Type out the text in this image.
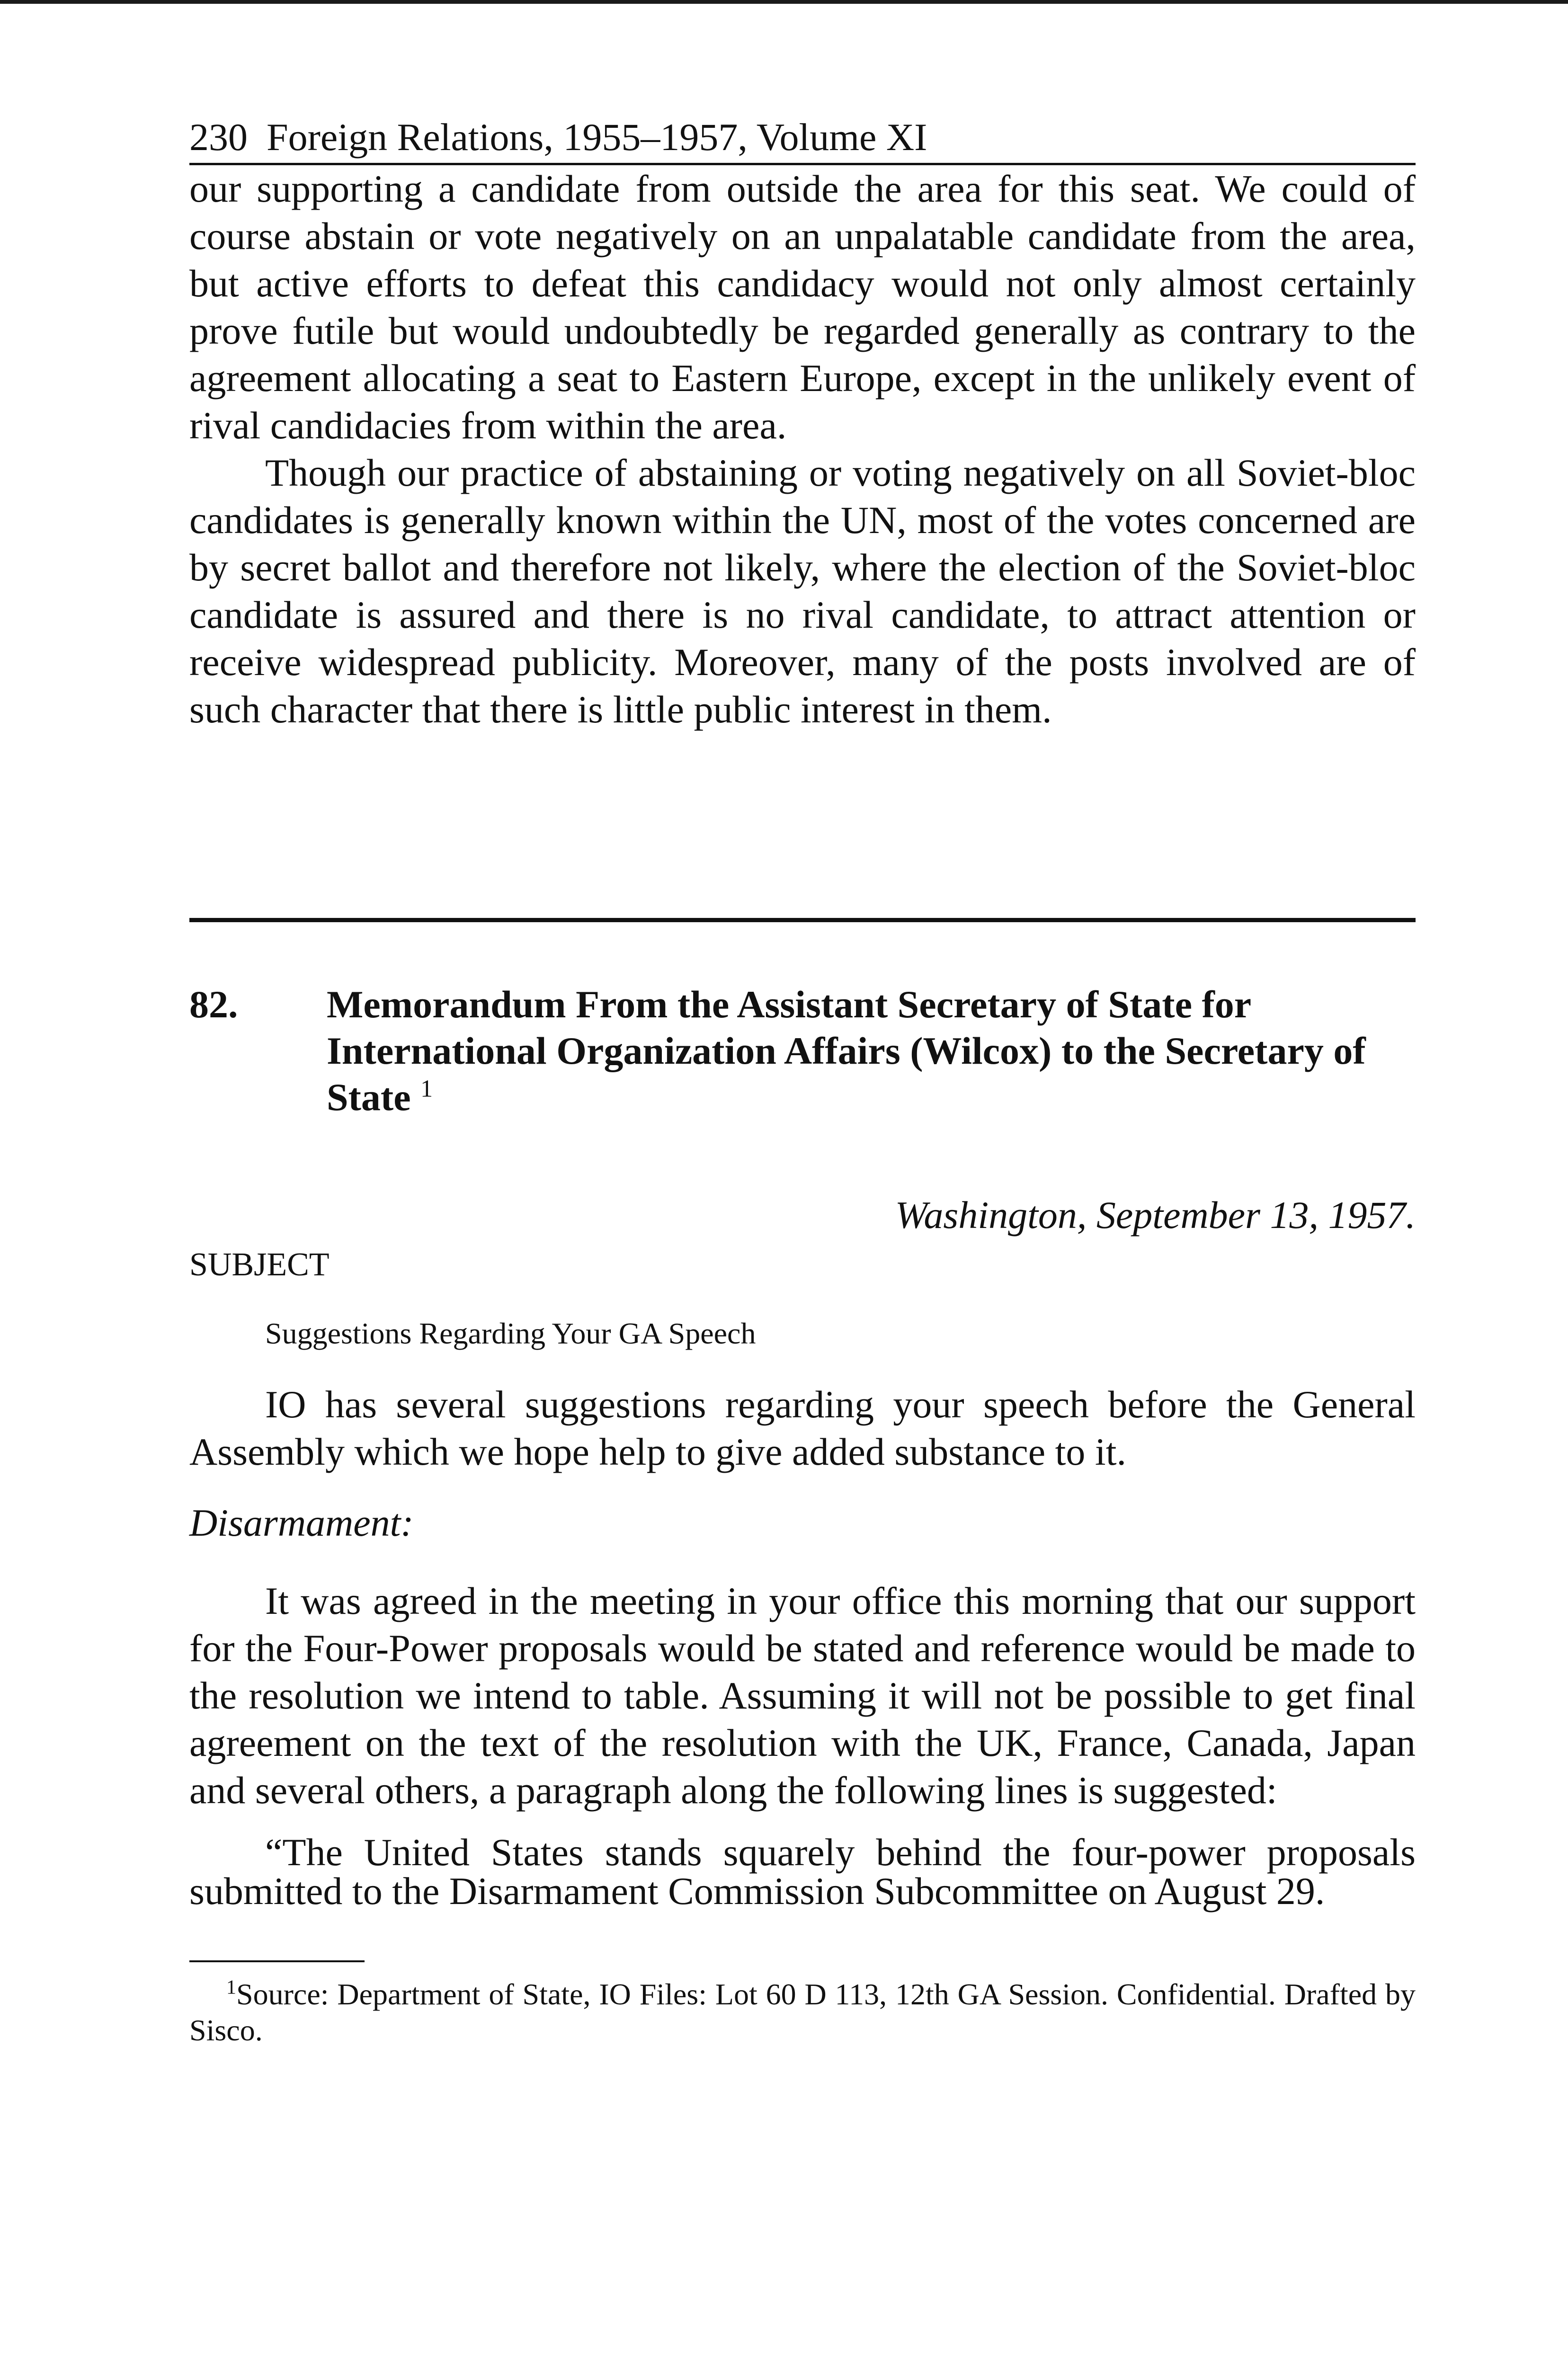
230 Foreign Relations, 1955–1957, Volume XI

our supporting a candidate from outside the area for this seat. We could of course abstain or vote negatively on an unpalatable candidate from the area, but active efforts to defeat this candidacy would not only almost certainly prove futile but would undoubtedly be regarded generally as contrary to the agreement allocating a seat to Eastern Europe, except in the unlikely event of rival candidacies from within the area.

Though our practice of abstaining or voting negatively on all Soviet-bloc candidates is generally known within the UN, most of the votes concerned are by secret ballot and therefore not likely, where the election of the Soviet-bloc candidate is assured and there is no rival candidate, to attract attention or receive widespread publicity. Moreover, many of the posts involved are of such character that there is little public interest in them.

82.	Memorandum From the Assistant Secretary of State for International Organization Affairs (Wilcox) to the Secretary of State $^1$
Washington, September 13, 1957.
SUBJECT
Suggestions Regarding Your GA Speech

IO has several suggestions regarding your speech before the General Assembly which we hope help to give added substance to it.

Disarmament:

It was agreed in the meeting in your office this morning that our support for the Four-Power proposals would be stated and reference would be made to the resolution we intend to table. Assuming it will not be possible to get final agreement on the text of the resolution with the UK, France, Canada, Japan and several others, a paragraph along the following lines is suggested:

“The United States stands squarely behind the four-power proposals submitted to the Disarmament Commission Subcommittee on August 29.

$^1$Source: Department of State, IO Files: Lot 60 D 113, 12th GA Session. Confidential. Drafted by Sisco.
